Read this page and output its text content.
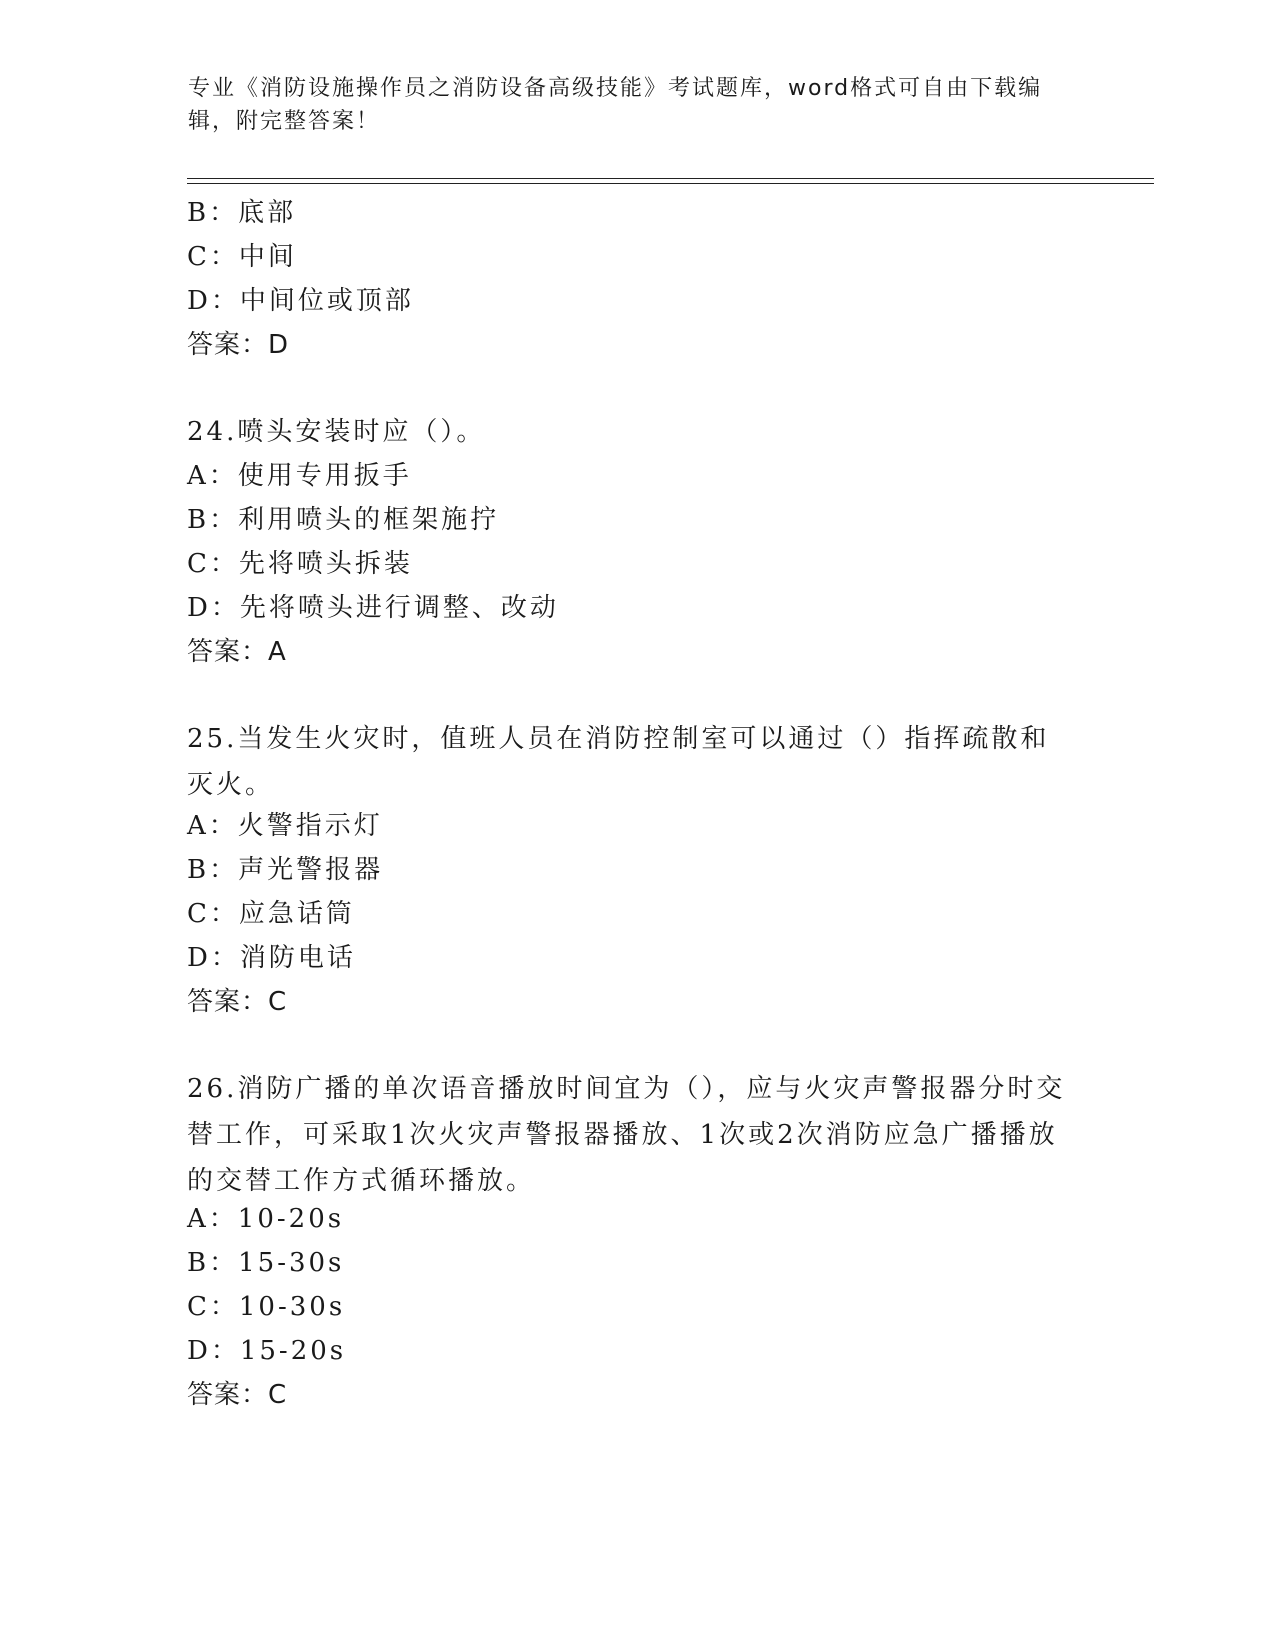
专业《消防设施操作员之消防设备高级技能》考试题库，word格式可自由下载编辑，附完整答案！
B：底部
C：中间
D：中间位或顶部
答案：D
24.喷头安装时应（）。
A：使用专用扳手
B：利用喷头的框架施拧
C：先将喷头拆装
D：先将喷头进行调整、改动
答案：A
25.当发生火灾时，值班人员在消防控制室可以通过（）指挥疏散和灭火。
A：火警指示灯
B：声光警报器
C：应急话筒
D：消防电话
答案：C
26.消防广播的单次语音播放时间宜为（），应与火灾声警报器分时交替工作，可采取1次火灾声警报器播放、1次或2次消防应急广播播放的交替工作方式循环播放。
A：10-20s
B：15-30s
C：10-30s
D：15-20s
答案：C
